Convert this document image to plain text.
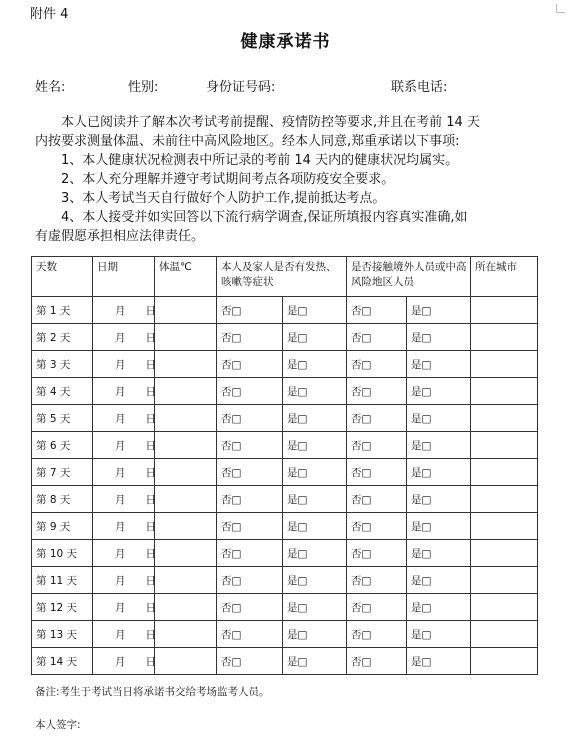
附件 4
健康承诺书
姓名:	性别:	身份证号码:	联系电话:
本人已阅读并了解本次考试考前提醒、疫情防控等要求,并且在考前 14 天
内按要求测量体温、未前往中高风险地区。经本人同意,郑重承诺以下事项:
1、本人健康状况检测表中所记录的考前 14 天内的健康状况均属实。
2、本人充分理解并遵守考试期间考点各项防疫安全要求。
3、本人考试当天自行做好个人防护工作,提前抵达考点。
4、本人接受并如实回答以下流行病学调查,保证所填报内容真实准确,如
有虚假愿承担相应法律责任。
天数	日期	体温℃	本人及家人是否有发热、咳嗽等症状		是否接触境外人员或中高风险地区人员		所在城市
第 1 天	月 日		否□	是□	否□	是□	
第 2 天	月 日		否□	是□	否□	是□	
第 3 天	月 日		否□	是□	否□	是□	
第 4 天	月 日		否□	是□	否□	是□	
第 5 天	月 日		否□	是□	否□	是□	
第 6 天	月 日		否□	是□	否□	是□	
第 7 天	月 日		否□	是□	否□	是□	
第 8 天	月 日		否□	是□	否□	是□	
第 9 天	月 日		否□	是□	否□	是□	
第 10 天	月 日		否□	是□	否□	是□	
第 11 天	月 日		否□	是□	否□	是□	
第 12 天	月 日		否□	是□	否□	是□	
第 13 天	月 日		否□	是□	否□	是□	
第 14 天	月 日		否□	是□	否□	是□	
备注:考生于考试当日将承诺书交给考场监考人员。
本人签字:
